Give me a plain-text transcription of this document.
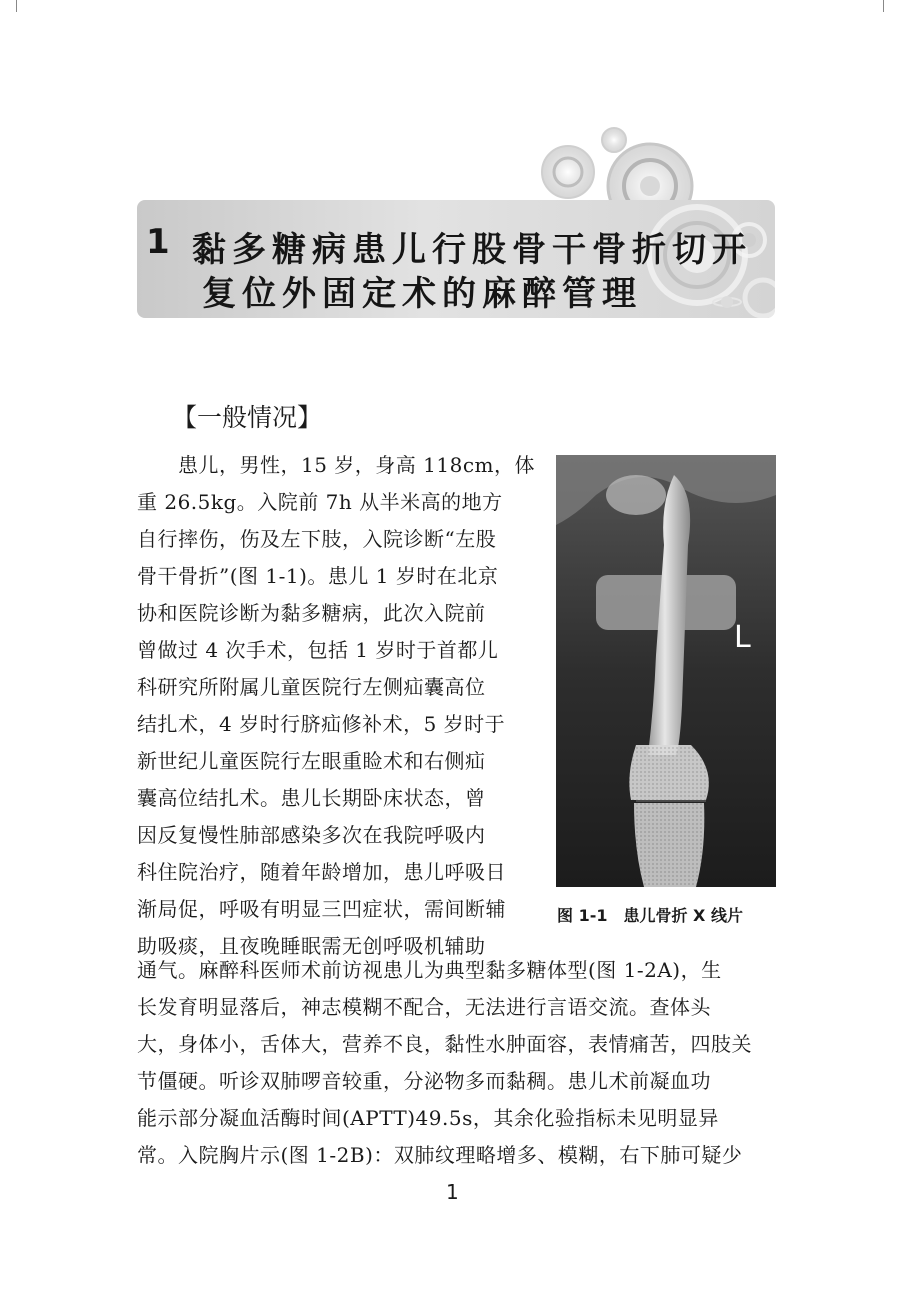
1 黏多糖病患儿行股骨干骨折切开
复位外固定术的麻醉管理
【一般情况】
　　患儿，男性，15 岁，身高 118cm，体
重 26.5kg。入院前 7h 从半米高的地方
自行摔伤，伤及左下肢，入院诊断“左股
骨干骨折”(图 1-1)。患儿 1 岁时在北京
协和医院诊断为黏多糖病，此次入院前
曾做过 4 次手术，包括 1 岁时于首都儿
科研究所附属儿童医院行左侧疝囊高位
结扎术，4 岁时行脐疝修补术，5 岁时于
新世纪儿童医院行左眼重睑术和右侧疝
囊高位结扎术。患儿长期卧床状态，曾
因反复慢性肺部感染多次在我院呼吸内
科住院治疗，随着年龄增加，患儿呼吸日
渐局促，呼吸有明显三凹症状，需间断辅
助吸痰，且夜晚睡眠需无创呼吸机辅助
通气。麻醉科医师术前访视患儿为典型黏多糖体型(图 1-2A)，生
长发育明显落后，神志模糊不配合，无法进行言语交流。查体头
大，身体小，舌体大，营养不良，黏性水肿面容，表情痛苦，四肢关
节僵硬。听诊双肺啰音较重，分泌物多而黏稠。患儿术前凝血功
能示部分凝血活酶时间(APTT)49.5s，其余化验指标未见明显异
常。入院胸片示(图 1-2B)：双肺纹理略增多、模糊，右下肺可疑少
L
图 1-1　患儿骨折 X 线片
1
